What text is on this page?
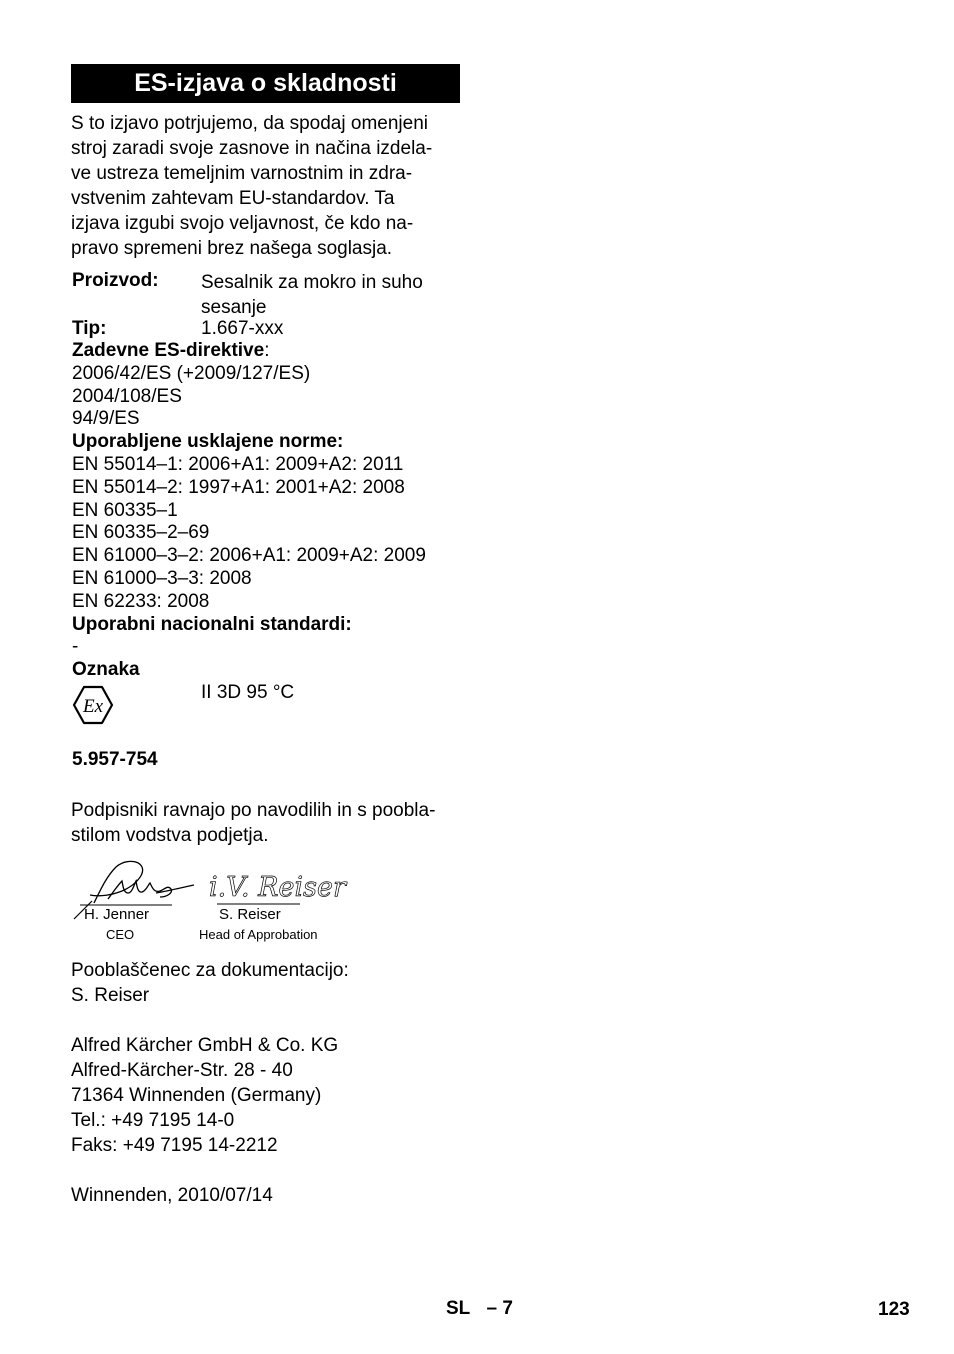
ES-izjava o skladnosti
S to izjavo potrjujemo, da spodaj omenjeni
stroj zaradi svoje zasnove in načina izdela-
ve ustreza temeljnim varnostnim in zdra-
vstvenim zahtevam EU-standardov. Ta
izjava izgubi svojo veljavnost, če kdo na-
pravo spremeni brez našega soglasja.
Proizvod: Sesalnik za mokro in suho
sesanje
Tip:	1.667-xxx
Zadevne ES-direktive:
2006/42/ES (+2009/127/ES)
2004/108/ES
94/9/ES
Uporabljene usklajene norme:
EN 55014–1: 2006+A1: 2009+A2: 2011
EN 55014–2: 1997+A1: 2001+A2: 2008
EN 60335–1
EN 60335–2–69
EN 61000–3–2: 2006+A1: 2009+A2: 2009
EN 61000–3–3: 2008
EN 62233: 2008
Uporabni nacionalni standardi:
-
Oznaka
Ex
II 3D 95 °C
5.957-754
Podpisniki ravnajo po navodilih in s poobla-
stilom vodstva podjetja.
H. Jenner
CEO
i.V. Reiser
S. Reiser
Head of Approbation
Pooblaščenec za dokumentacijo:
S. Reiser
Alfred Kärcher GmbH & Co. KG
Alfred-Kärcher-Str. 28 - 40
71364 Winnenden (Germany)
Tel.: +49 7195 14-0
Faks: +49 7195 14-2212
Winnenden, 2010/07/14
SL – 7	123
